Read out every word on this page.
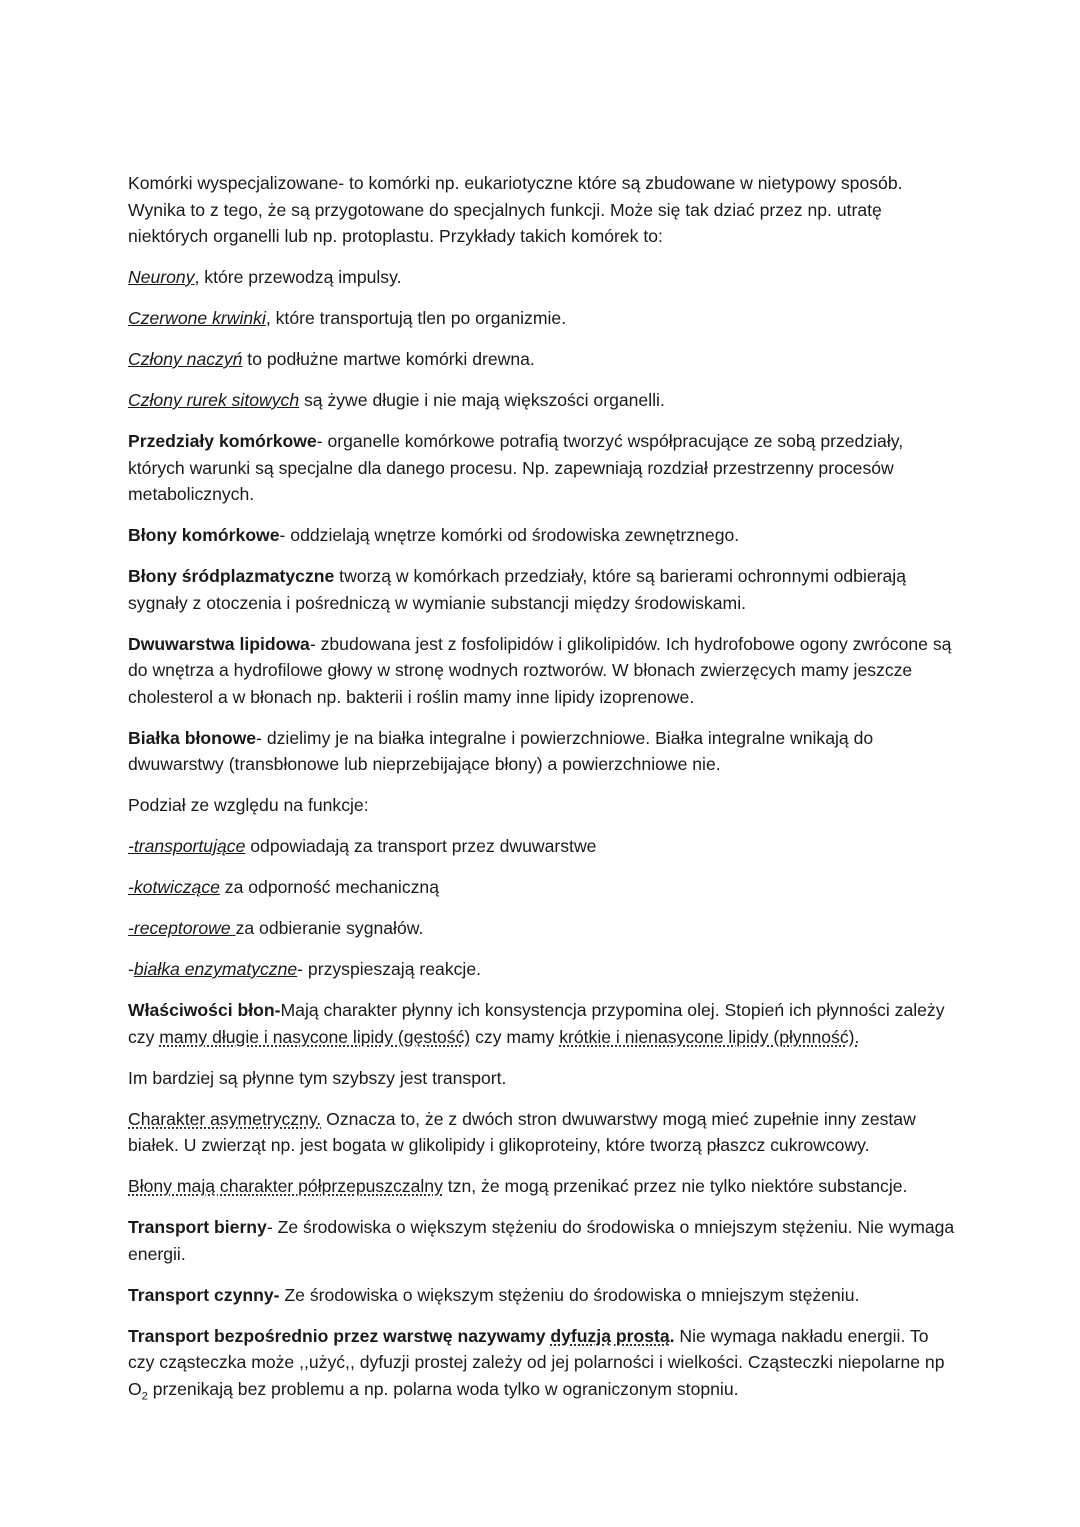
Komórki wyspecjalizowane- to komórki np. eukariotyczne które są zbudowane w nietypowy sposób. Wynika to z tego, że są przygotowane do specjalnych funkcji. Może się tak dziać przez np. utratę niektórych organelli lub np. protoplastu. Przykłady takich komórek to:

Neurony, które przewodzą impulsy.

Czerwone krwinki, które transportują tlen po organizmie.

Człony naczyń to podłużne martwe komórki drewna.

Człony rurek sitowych są żywe długie i nie mają większości organelli.

Przedziały komórkowe- organelle komórkowe potrafią tworzyć współpracujące ze sobą przedziały, których warunki są specjalne dla danego procesu. Np. zapewniają rozdział przestrzenny procesów metabolicznych.

Błony komórkowe- oddzielają wnętrze komórki od środowiska zewnętrznego.

Błony śródplazmatyczne tworzą w komórkach przedziały, które są barierami ochronnymi odbierają sygnały z otoczenia i pośredniczą w wymianie substancji między środowiskami.

Dwuwarstwa lipidowa- zbudowana jest z fosfolipidów i glikolipidów. Ich hydrofobowe ogony zwrócone są do wnętrza a hydrofilowe głowy w stronę wodnych roztworów. W błonach zwierzęcych mamy jeszcze cholesterol a w błonach np. bakterii i roślin mamy inne lipidy izoprenowe.

Białka błonowe- dzielimy je na białka integralne i powierzchniowe. Białka integralne wnikają do dwuwarstwy (transbłonowe lub nieprzebijające błony) a powierzchniowe nie.

Podział ze względu na funkcje:

-transportujące odpowiadają za transport przez dwuwarstwe

-kotwiczące za odporność mechaniczną

-receptorowe za odbieranie sygnałów.

-białka enzymatyczne- przyspieszają reakcje.

Właściwości błon-Mają charakter płynny ich konsystencja przypomina olej. Stopień ich płynności zależy czy mamy długie i nasycone lipidy (gęstość) czy mamy krótkie i nienasycone lipidy (płynność).

Im bardziej są płynne tym szybszy jest transport.

Charakter asymetryczny. Oznacza to, że z dwóch stron dwuwarstwy mogą mieć zupełnie inny zestaw białek. U zwierząt np. jest bogata w glikolipidy i glikoproteiny, które tworzą płaszcz cukrowcowy.

Błony mają charakter półprzepuszczalny tzn, że mogą przenikać przez nie tylko niektóre substancje.

Transport bierny- Ze środowiska o większym stężeniu do środowiska o mniejszym stężeniu. Nie wymaga energii.

Transport czynny- Ze środowiska o większym stężeniu do środowiska o mniejszym stężeniu.

Transport bezpośrednio przez warstwę nazywamy dyfuzją prostą. Nie wymaga nakładu energii. To czy cząsteczka może ,,użyć,, dyfuzji prostej zależy od jej polarności i wielkości. Cząsteczki niepolarne np $O_2$ przenikają bez problemu a np. polarna woda tylko w ograniczonym stopniu.
